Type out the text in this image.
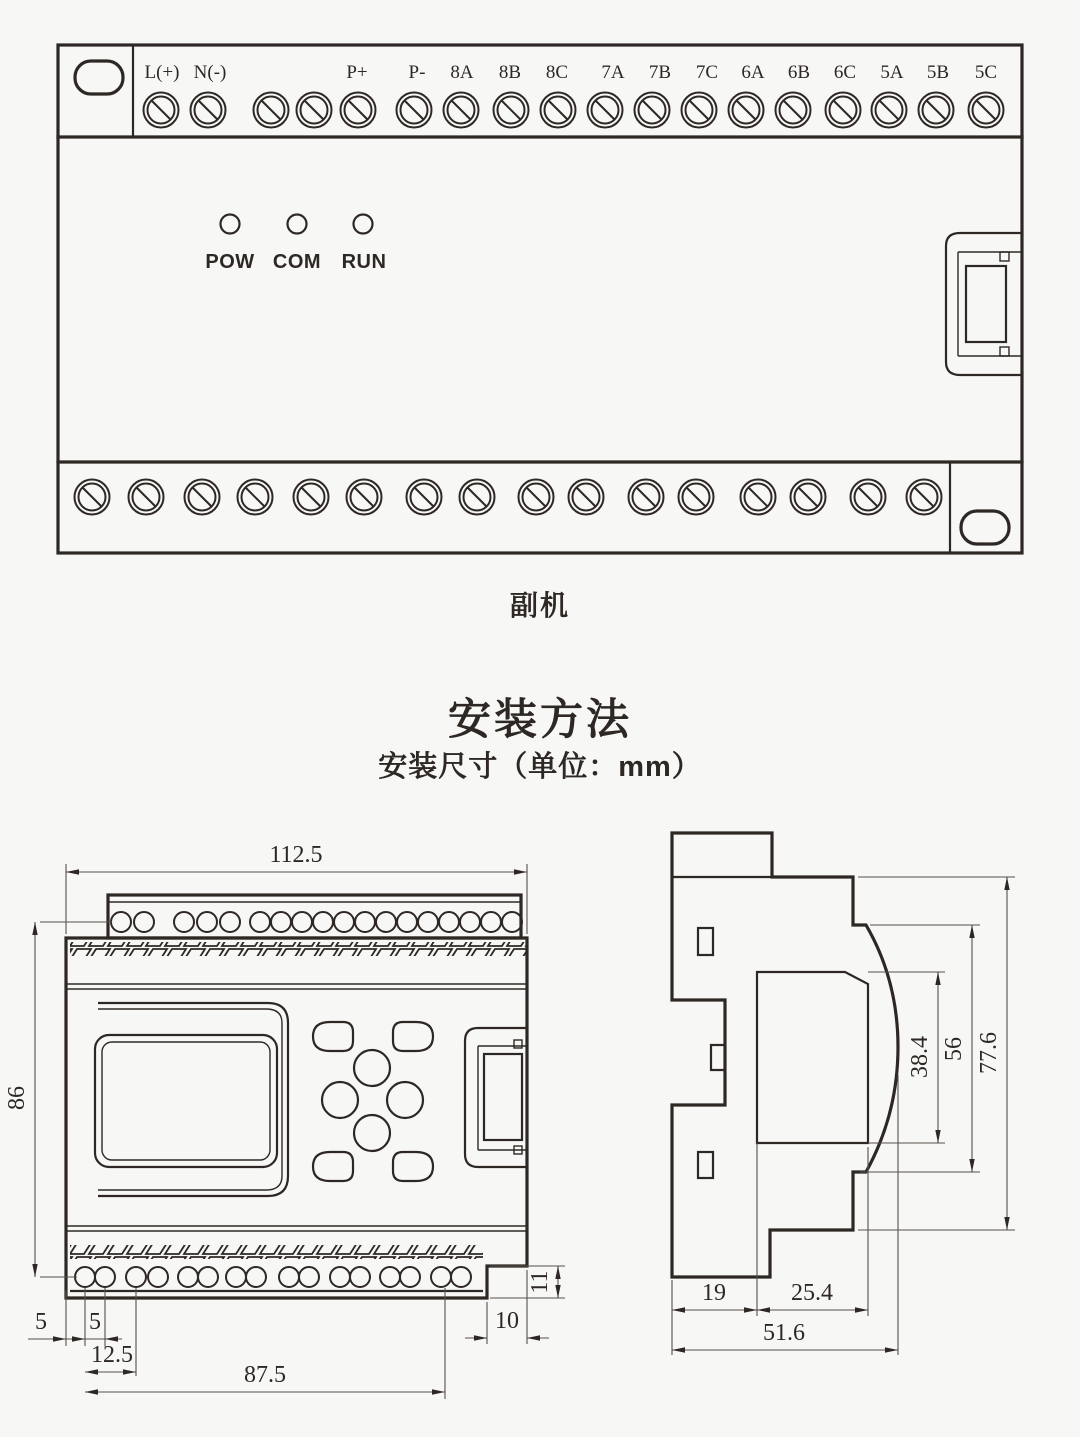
L(+) N(-)	P+ P- 8A 8B 8C 7A 7B 7C 6A 6B 6C 5A 5B 5C
POW COM RUN
副机
安装方法
安装尺寸（单位：mm）
112.5
86
5 5
12.5
87.5
10
11
38.4 56 77.6
19	25.4
51.6
